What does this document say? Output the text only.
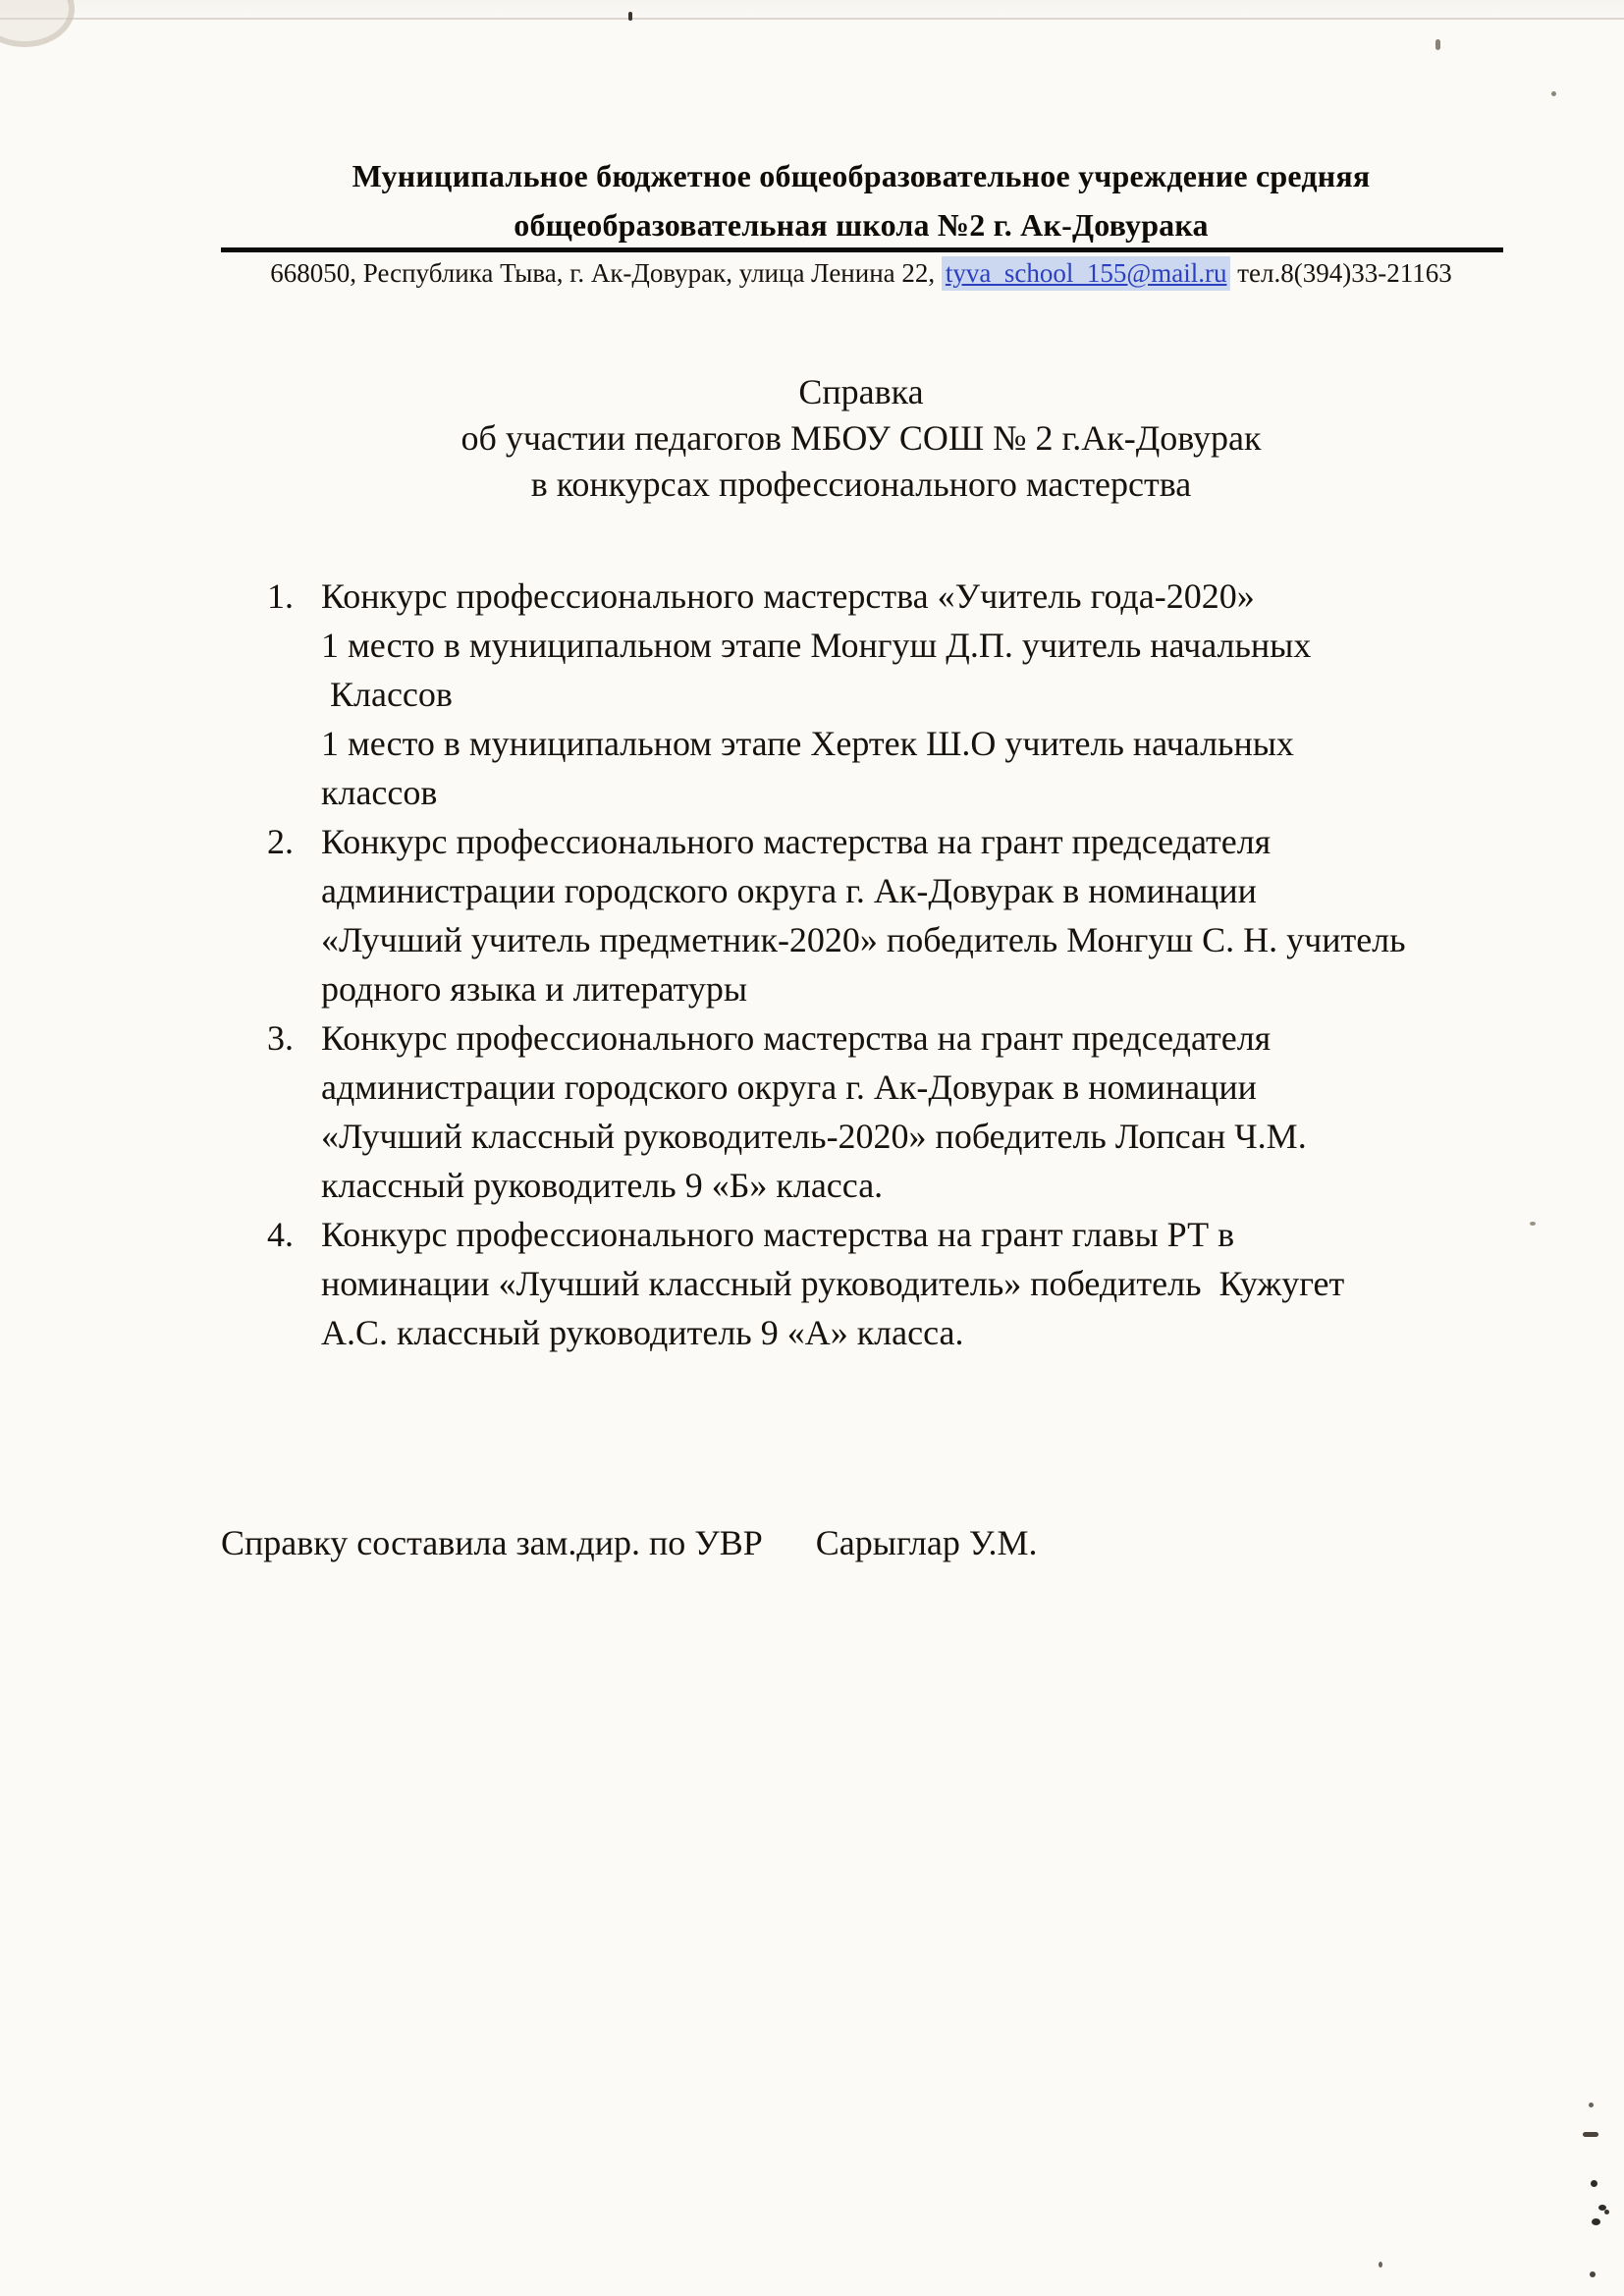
Муниципальное бюджетное общеобразовательное учреждение средняя
общеобразовательная школа №2 г. Ак-Довурака
668050, Республика Тыва, г. Ак-Довурак, улица Ленина 22, tyva_school_155@mail.ru тел.8(394)33-21163
Справка
об участии педагогов МБОУ СОШ № 2 г.Ак-Довурак
в конкурсах профессионального мастерства
1. Конкурс профессионального мастерства «Учитель года-2020»
1 место в муниципальном этапе Монгуш Д.П. учитель начальных
Классов
1 место в муниципальном этапе Хертек Ш.О учитель начальных
классов
2. Конкурс профессионального мастерства на грант председателя
администрации городского округа г. Ак-Довурак в номинации
«Лучший учитель предметник-2020» победитель Монгуш С. Н. учитель
родного языка и литературы
3. Конкурс профессионального мастерства на грант председателя
администрации городского округа г. Ак-Довурак в номинации
«Лучший классный руководитель-2020» победитель Лопсан Ч.М.
классный руководитель 9 «Б» класса.
4. Конкурс профессионального мастерства на грант главы РТ в
номинации «Лучший классный руководитель» победитель  Кужугет
А.С. классный руководитель 9 «А» класса.
Справку составила зам.дир. по УВР      Сарыглар У.М.
